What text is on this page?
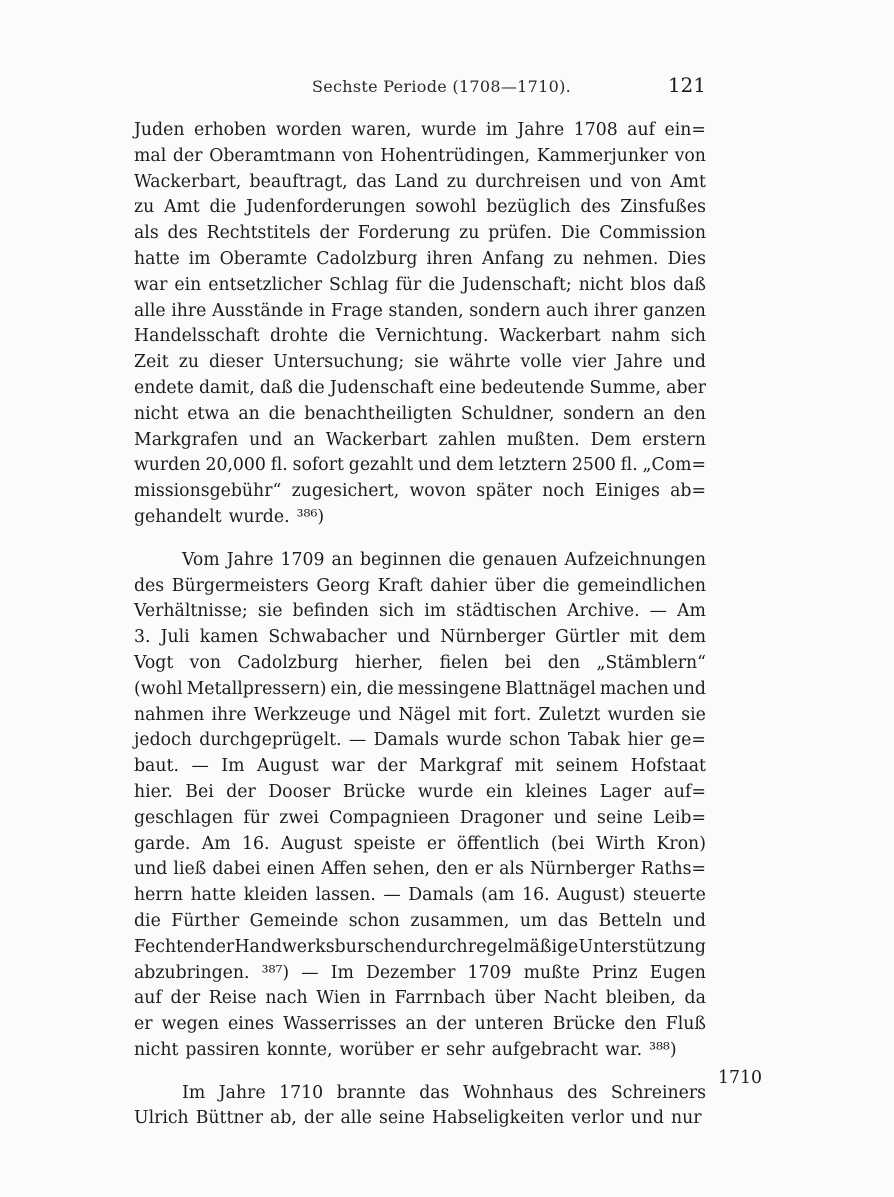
Sechste Periode (1708—1710).	121
Juden erhoben worden waren, wurde im Jahre 1708 auf ein=
mal der Oberamtmann von Hohentrüdingen, Kammerjunker von
Wackerbart, beauftragt, das Land zu durchreisen und von Amt
zu Amt die Judenforderungen sowohl bezüglich des Zinsfußes
als des Rechtstitels der Forderung zu prüfen. Die Commission
hatte im Oberamte Cadolzburg ihren Anfang zu nehmen. Dies
war ein entsetzlicher Schlag für die Judenschaft; nicht blos daß
alle ihre Ausstände in Frage standen, sondern auch ihrer ganzen
Handelsschaft drohte die Vernichtung. Wackerbart nahm sich
Zeit zu dieser Untersuchung; sie währte volle vier Jahre und
endete damit, daß die Judenschaft eine bedeutende Summe, aber
nicht etwa an die benachtheiligten Schuldner, sondern an den
Markgrafen und an Wackerbart zahlen mußten. Dem erstern
wurden 20,000 fl. sofort gezahlt und dem letztern 2500 fl. „Com=
missionsgebühr“ zugesichert, wovon später noch Einiges ab=
gehandelt wurde. ³⁸⁶)
Vom Jahre 1709 an beginnen die genauen Aufzeichnungen
des Bürgermeisters Georg Kraft dahier über die gemeindlichen
Verhältnisse; sie befinden sich im städtischen Archive. — Am
3. Juli kamen Schwabacher und Nürnberger Gürtler mit dem
Vogt von Cadolzburg hierher, fielen bei den „Stämblern“
(wohl Metallpressern) ein, die messingene Blattnägel machen und
nahmen ihre Werkzeuge und Nägel mit fort. Zuletzt wurden sie
jedoch durchgeprügelt. — Damals wurde schon Tabak hier ge=
baut. — Im August war der Markgraf mit seinem Hofstaat
hier. Bei der Dooser Brücke wurde ein kleines Lager auf=
geschlagen für zwei Compagnieen Dragoner und seine Leib=
garde. Am 16. August speiste er öffentlich (bei Wirth Kron)
und ließ dabei einen Affen sehen, den er als Nürnberger Raths=
herrn hatte kleiden lassen. — Damals (am 16. August) steuerte
die Fürther Gemeinde schon zusammen, um das Betteln und
Fechten der Handwerksburschen durch regelmäßige Unterstützung
abzubringen. ³⁸⁷) — Im Dezember 1709 mußte Prinz Eugen
auf der Reise nach Wien in Farrnbach über Nacht bleiben, da
er wegen eines Wasserrisses an der unteren Brücke den Fluß
nicht passiren konnte, worüber er sehr aufgebracht war. ³⁸⁸)
Im Jahre 1710 brannte das Wohnhaus des Schreiners
Ulrich Büttner ab, der alle seine Habseligkeiten verlor und nur
1710
